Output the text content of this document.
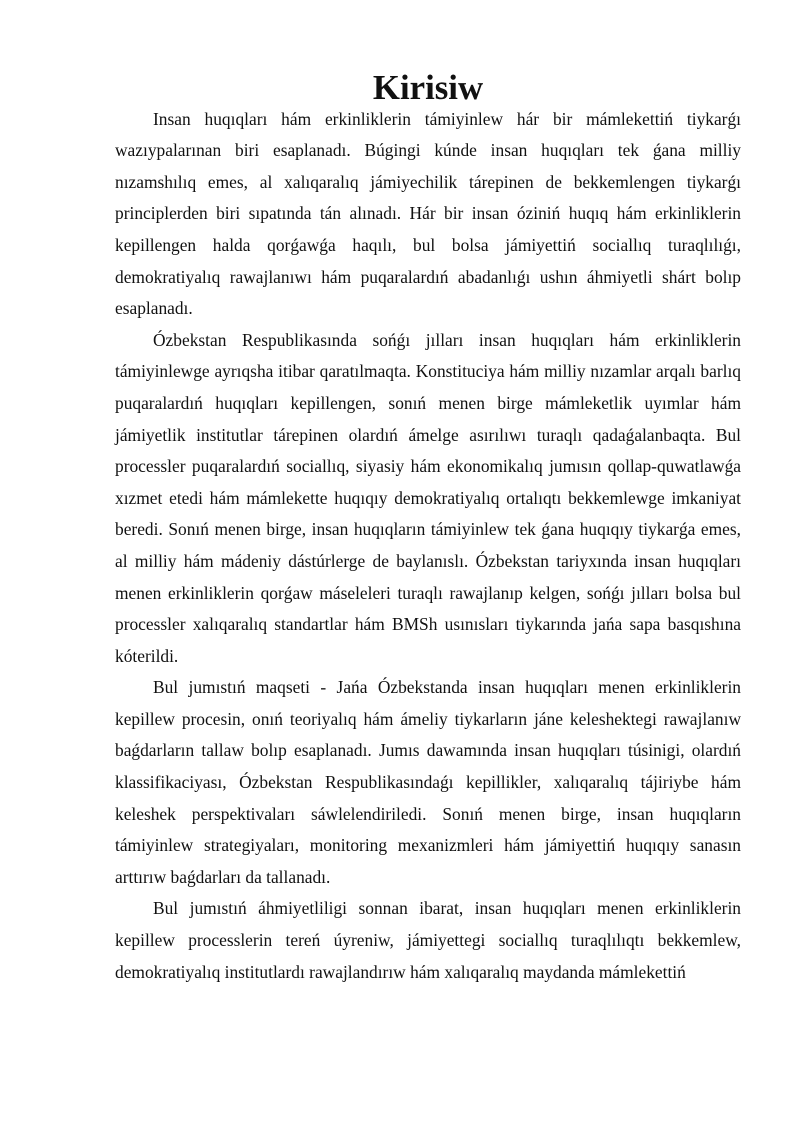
Kirisiw

Insan huqıqları hám erkinliklerin támiyinlew hár bir mámlekettiń tiykarǵı wazıypalarınan biri esaplanadı. Búgingi kúnde insan huqıqları tek ǵana milliy nızamshılıq emes, al xalıqaralıq jámiyechilik tárepinen de bekkemlengen tiykarǵı principlerden biri sıpatında tán alınadı. Hár bir insan óziniń huqıq hám erkinliklerin kepillengen halda qorǵawǵa haqılı, bul bolsa jámiyettiń sociallıq turaqlılıǵı, demokratiyalıq rawajlanıwı hám puqaralardıń abadanlıǵı ushın áhmiyetli shárt bolıp esaplanadı.

Ózbekstan Respublikasında sońǵı jılları insan huqıqları hám erkinliklerin támiyinlewge ayrıqsha itibar qaratılmaqta. Konstituciya hám milliy nızamlar arqalı barlıq puqaralardıń huqıqları kepillengen, sonıń menen birge mámleketlik uyımlar hám jámiyetlik institutlar tárepinen olardıń ámelge asırılıwı turaqlı qadaǵalanbaqta. Bul processler puqaralardıń sociallıq, siyasiy hám ekonomikalıq jumısın qollap-quwatlawǵa xızmet etedi hám mámlekette huqıqıy demokratiyalıq ortalıqtı bekkemlewge imkaniyat beredi. Sonıń menen birge, insan huqıqların támiyinlew tek ǵana huqıqıy tiykarǵa emes, al milliy hám mádeniy dástúrlerge de baylanıslı. Ózbekstan tariyxında insan huqıqları menen erkinliklerin qorǵaw máseleleri turaqlı rawajlanıp kelgen, sońǵı jılları bolsa bul processler xalıqaralıq standartlar hám BMSh usınısları tiykarında jańa sapa basqıshına kóterildi.

Bul jumıstıń maqseti - Jańa Ózbekstanda insan huqıqları menen erkinliklerin kepillew procesin, onıń teoriyalıq hám ámeliy tiykarların jáne keleshektegi rawajlanıw baǵdarların tallaw bolıp esaplanadı. Jumıs dawamında insan huqıqları túsinigi, olardıń klassifikaciyası, Ózbekstan Respublikasındaǵı kepillikler, xalıqaralıq tájiriybe hám keleshek perspektivaları sáwlelendiriledi. Sonıń menen birge, insan huqıqların támiyinlew strategiyaları, monitoring mexanizmleri hám jámiyettiń huqıqıy sanasın arttırıw baǵdarları da tallanadı.

Bul jumıstıń áhmiyetliligi sonnan ibarat, insan huqıqları menen erkinliklerin kepillew processlerin tereń úyreniw, jámiyettegi sociallıq turaqlılıqtı bekkemlew, demokratiyalıq institutlardı rawajlandırıw hám xalıqaralıq maydanda mámlekettiń
